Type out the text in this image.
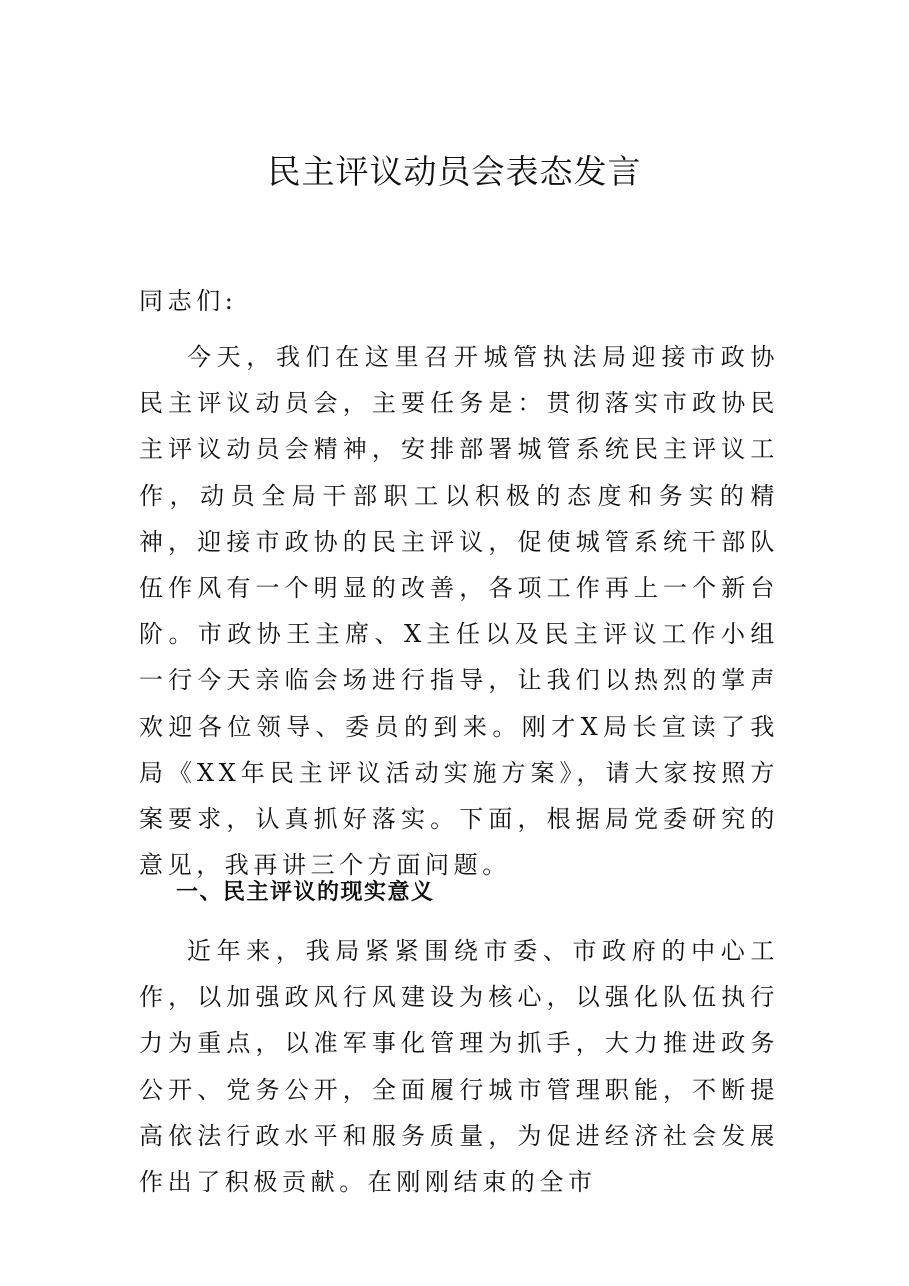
民主评议动员会表态发言

同志们:

今天，我们在这里召开城管执法局迎接市政协民主评议动员会，主要任务是：贯彻落实市政协民主评议动员会精神，安排部署城管系统民主评议工作，动员全局干部职工以积极的态度和务实的精神，迎接市政协的民主评议，促使城管系统干部队伍作风有一个明显的改善，各项工作再上一个新台阶。市政协王主席、X主任以及民主评议工作小组一行今天亲临会场进行指导，让我们以热烈的掌声欢迎各位领导、委员的到来。刚才X局长宣读了我局《XX年民主评议活动实施方案》，请大家按照方案要求，认真抓好落实。下面，根据局党委研究的意见，我再讲三个方面问题。

一、民主评议的现实意义

近年来，我局紧紧围绕市委、市政府的中心工作，以加强政风行风建设为核心，以强化队伍执行力为重点，以准军事化管理为抓手，大力推进政务公开、党务公开，全面履行城市管理职能，不断提高依法行政水平和服务质量，为促进经济社会发展作出了积极贡献。在刚刚结束的全市
